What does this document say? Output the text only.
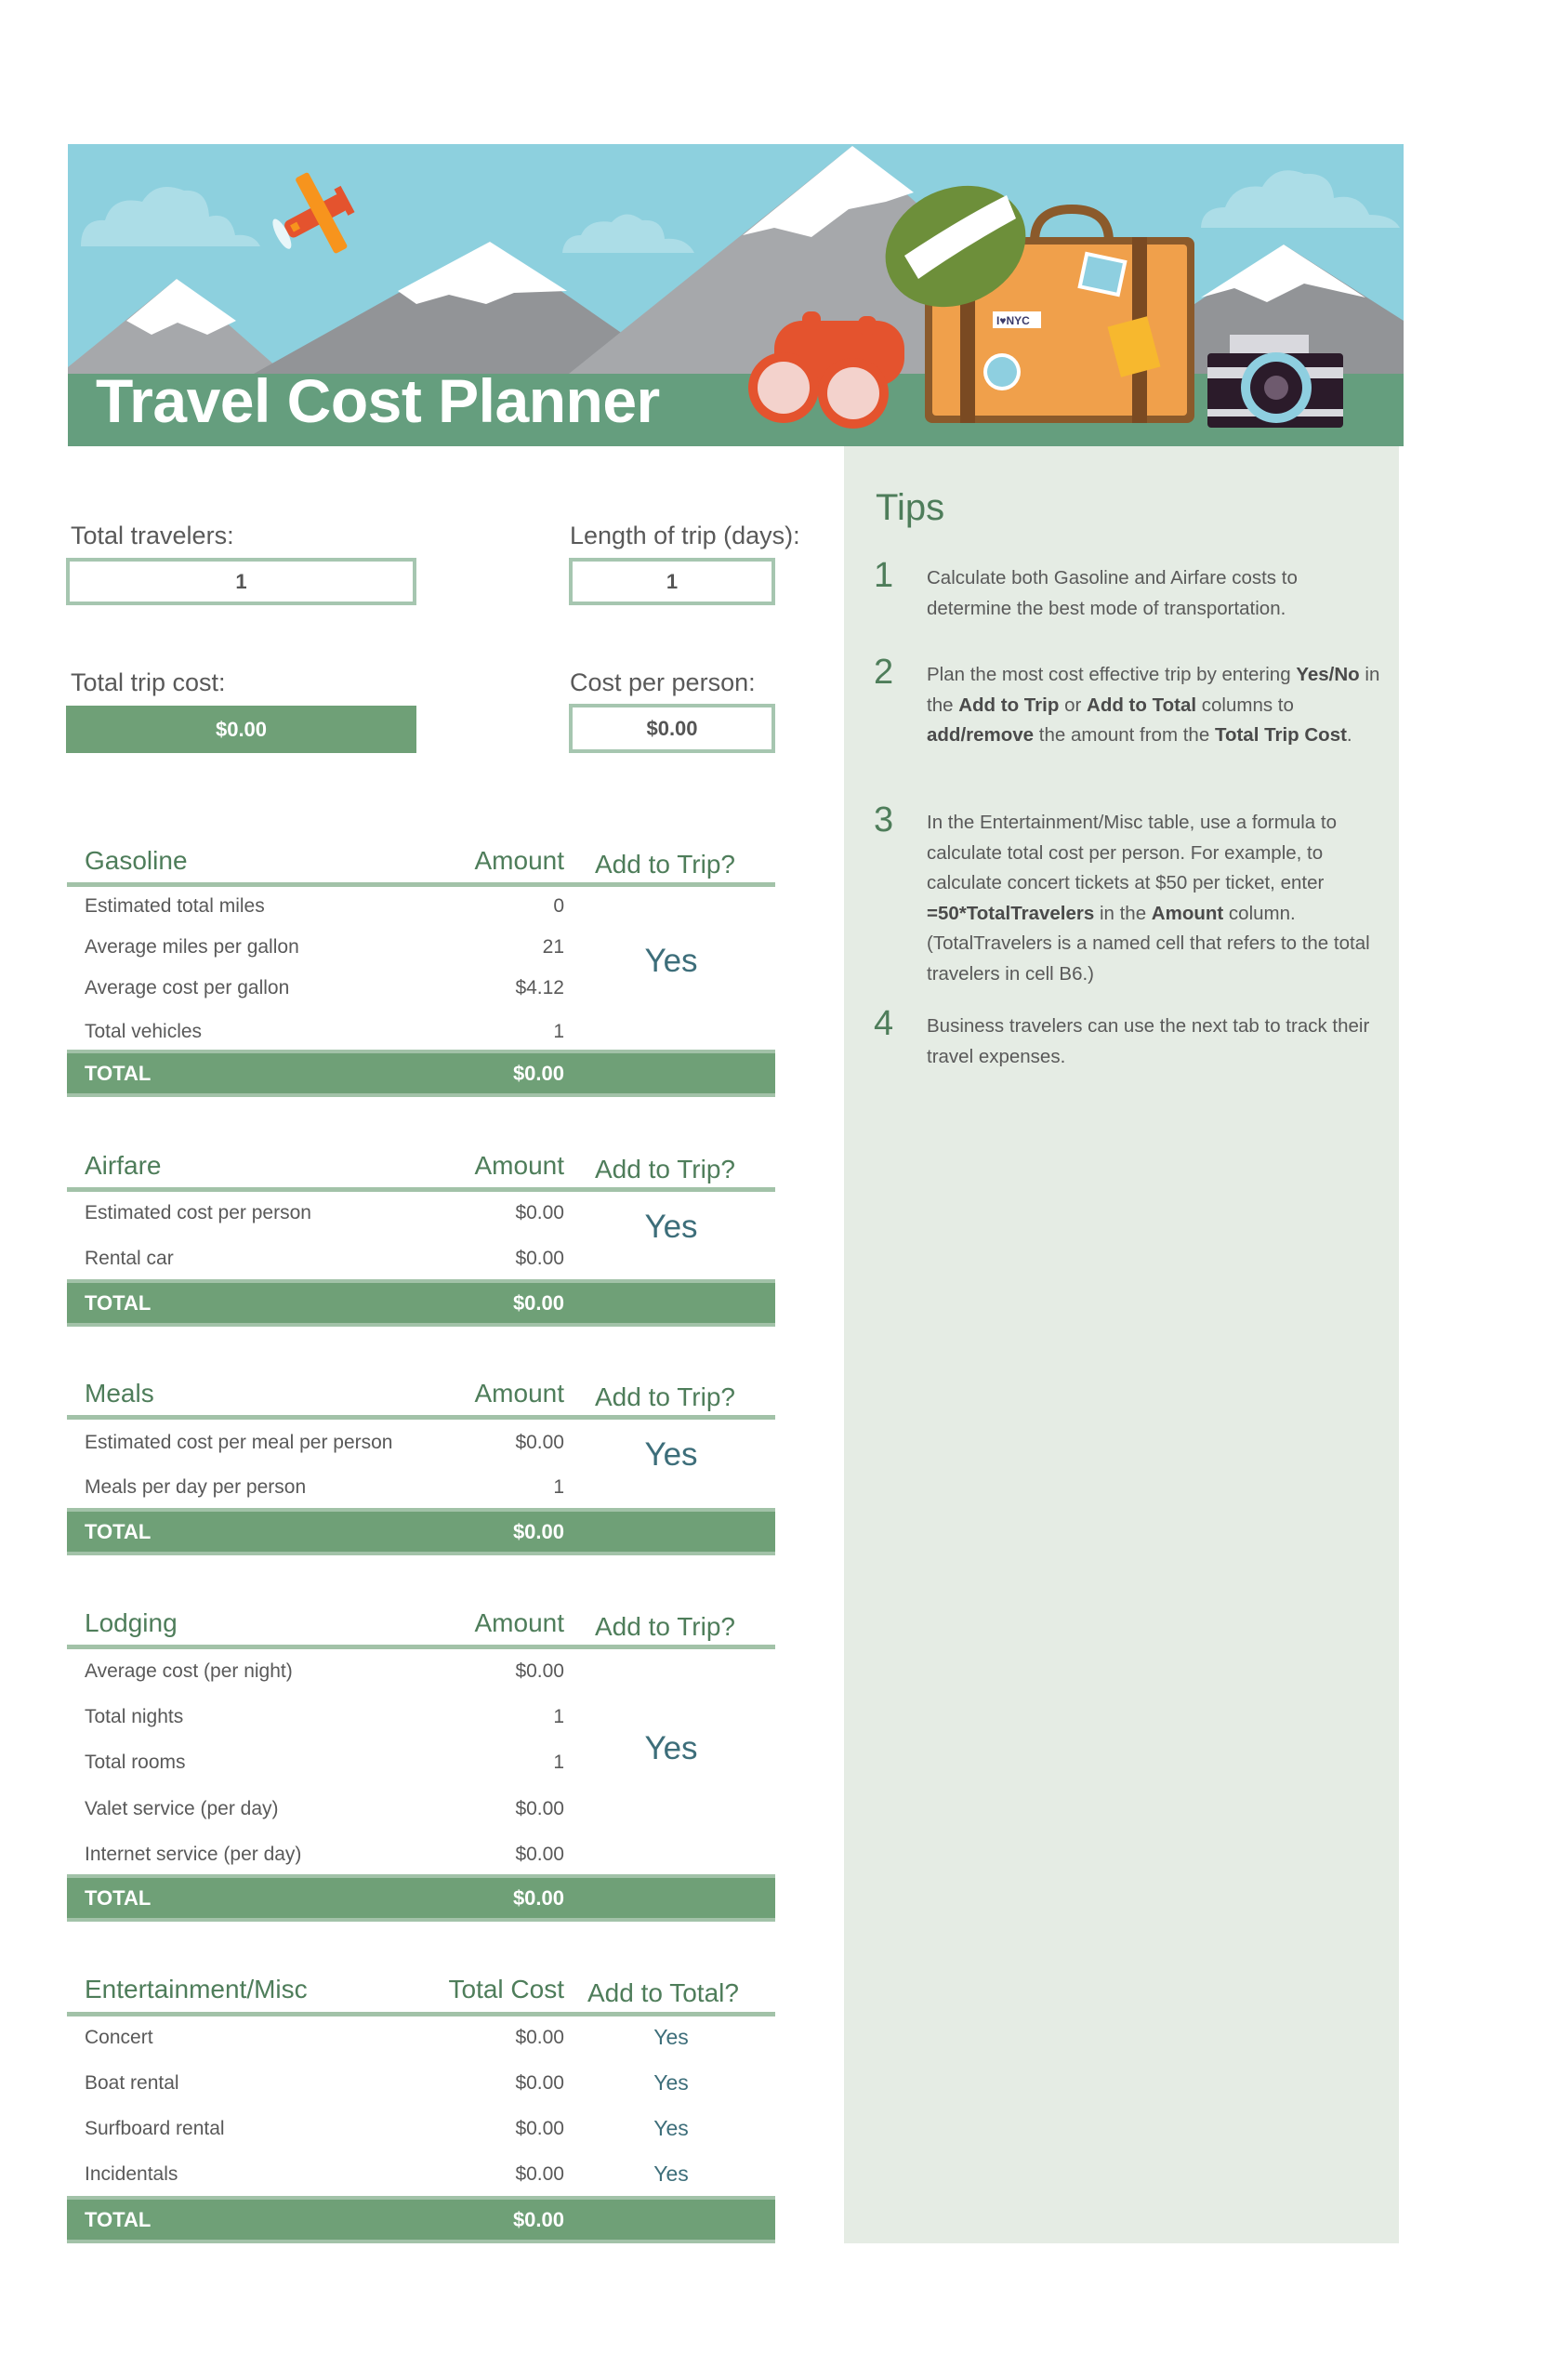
I♥NYC
Travel Cost Planner
Total travelers:
1
Length of trip (days):
1
Total trip cost:
$0.00
Cost per person:
$0.00
Gasoline	Amount Add to Trip?
Estimated total miles	0
Average miles per gallon	21
Average cost per gallon	$4.12
Total vehicles	1
Yes
TOTAL	$0.00
Airfare	Amount Add to Trip?
Estimated cost per person	$0.00
Rental car	$0.00
Yes
TOTAL	$0.00
Meals	Amount Add to Trip?
Estimated cost per meal per person	$0.00
Meals per day per person	1
Yes
TOTAL	$0.00
Lodging	Amount Add to Trip?
Average cost (per night)	$0.00
Total nights	1
Total rooms	1
Valet service (per day)	$0.00
Internet service (per day)	$0.00
Yes
TOTAL	$0.00
Entertainment/Misc	Total Cost Add to Total?
Concert	$0.00	Yes
Boat rental	$0.00	Yes
Surfboard rental	$0.00	Yes
Incidentals	$0.00	Yes
TOTAL	$0.00
Tips
1 Calculate both Gasoline and Airfare costs to determine the best mode of transportation.
2 Plan the most cost effective trip by entering Yes/No in the Add to Trip or Add to Total columns to add/remove the amount from the Total Trip Cost.
3 In the Entertainment/Misc table, use a formula to calculate total cost per person. For example, to calculate concert tickets at $50 per ticket, enter =50*TotalTravelers in the Amount column. (TotalTravelers is a named cell that refers to the total travelers in cell B6.)
4 Business travelers can use the next tab to track their travel expenses.
